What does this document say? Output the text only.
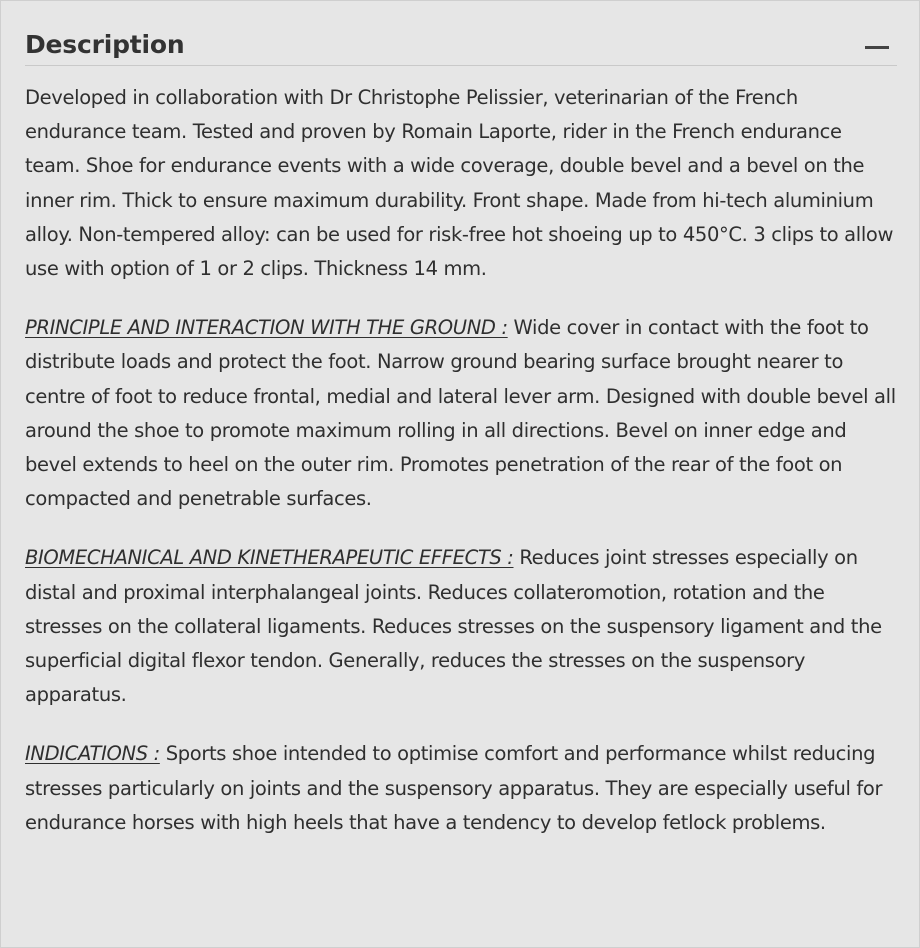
Description

Developed in collaboration with Dr Christophe Pelissier, veterinarian of the French endurance team. Tested and proven by Romain Laporte, rider in the French endurance team. Shoe for endurance events with a wide coverage, double bevel and a bevel on the inner rim. Thick to ensure maximum durability. Front shape. Made from hi-tech aluminium alloy. Non-tempered alloy: can be used for risk-free hot shoeing up to 450°C. 3 clips to allow use with option of 1 or 2 clips. Thickness 14 mm.

PRINCIPLE AND INTERACTION WITH THE GROUND : Wide cover in contact with the foot to distribute loads and protect the foot. Narrow ground bearing surface brought nearer to centre of foot to reduce frontal, medial and lateral lever arm. Designed with double bevel all around the shoe to promote maximum rolling in all directions. Bevel on inner edge and bevel extends to heel on the outer rim. Promotes penetration of the rear of the foot on compacted and penetrable surfaces.

BIOMECHANICAL AND KINETHERAPEUTIC EFFECTS : Reduces joint stresses especially on distal and proximal interphalangeal joints. Reduces collateromotion, rotation and the stresses on the collateral ligaments. Reduces stresses on the suspensory ligament and the superficial digital flexor tendon. Generally, reduces the stresses on the suspensory apparatus.

INDICATIONS : Sports shoe intended to optimise comfort and performance whilst reducing stresses particularly on joints and the suspensory apparatus. They are especially useful for endurance horses with high heels that have a tendency to develop fetlock problems.
